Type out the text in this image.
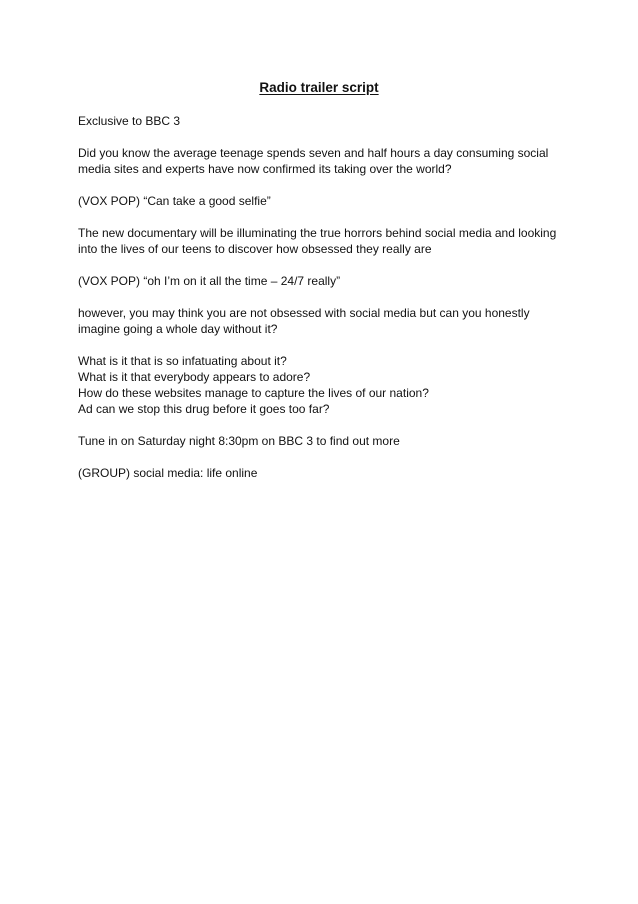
Radio trailer script

Exclusive to BBC 3

Did you know the average teenage spends seven and half hours a day consuming social
media sites and experts have now confirmed its taking over the world?

(VOX POP) “Can take a good selfie”

The new documentary will be illuminating the true horrors behind social media and looking
into the lives of our teens to discover how obsessed they really are

(VOX POP) “oh I’m on it all the time – 24/7 really”

however, you may think you are not obsessed with social media but can you honestly
imagine going a whole day without it?

What is it that is so infatuating about it?
What is it that everybody appears to adore?
How do these websites manage to capture the lives of our nation?
Ad can we stop this drug before it goes too far?

Tune in on Saturday night 8:30pm on BBC 3 to find out more

(GROUP) social media: life online
